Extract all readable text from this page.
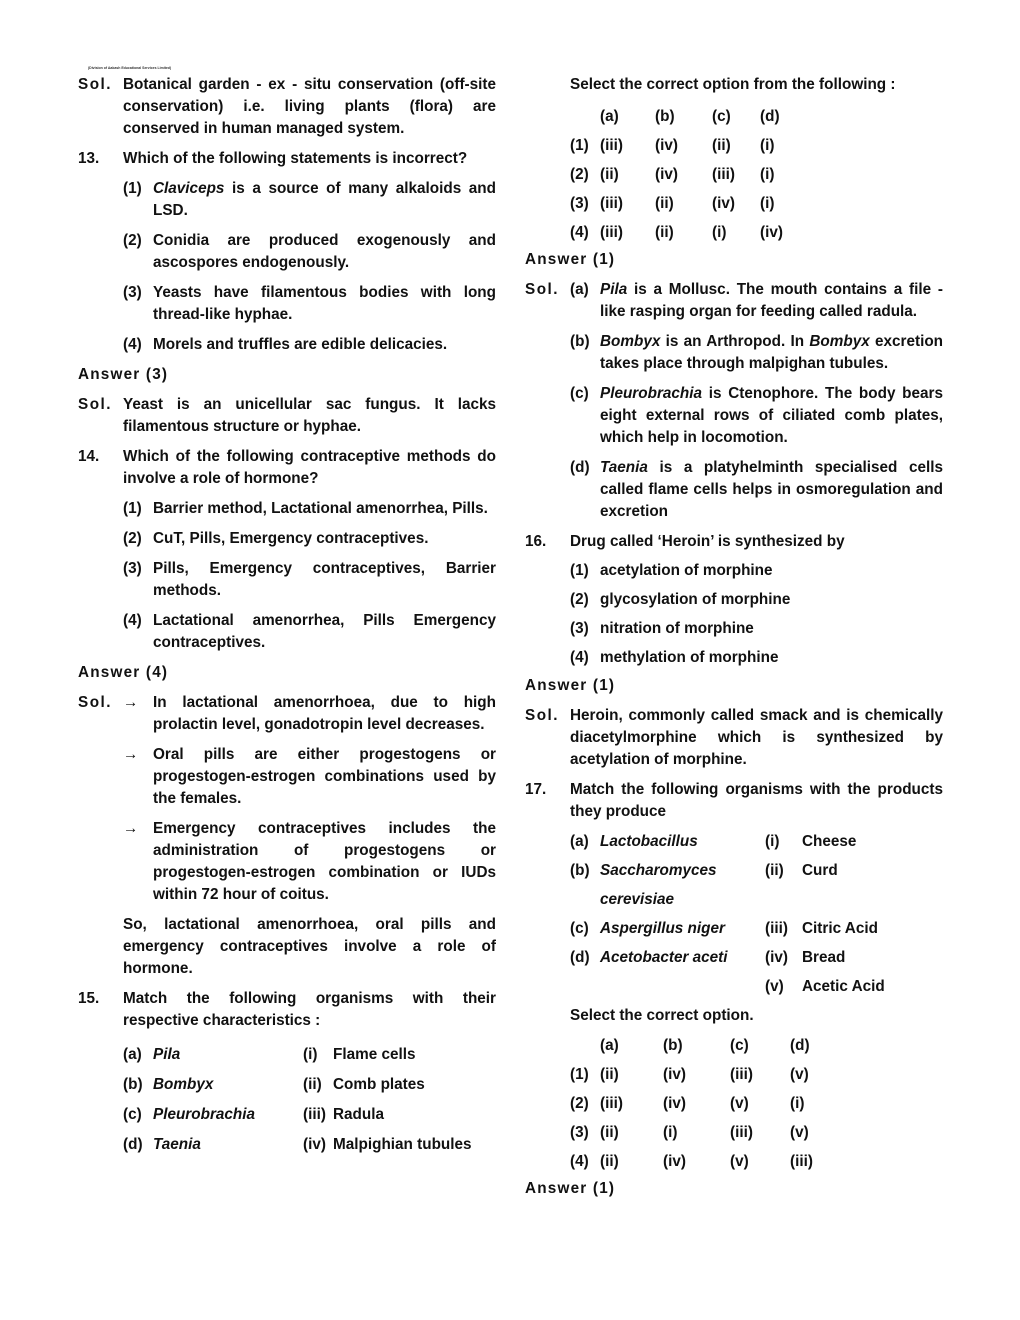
(Division of Aakash Educational Services Limited)
Sol. Botanical garden - ex - situ conservation (off-site conservation) i.e. living plants (flora) are conserved in human managed system.
13.	Which of the following statements is incorrect?
(1) Claviceps is a source of many alkaloids and LSD.
(2) Conidia are produced exogenously and ascospores endogenously.
(3) Yeasts have filamentous bodies with long thread-like hyphae.
(4) Morels and truffles are edible delicacies.
Answer (3)
Sol. Yeast is an unicellular sac fungus. It lacks filamentous structure or hyphae.
14.	Which of the following contraceptive methods do involve a role of hormone?
(1) Barrier method, Lactational amenorrhea, Pills.
(2) CuT, Pills, Emergency contraceptives.
(3) Pills, Emergency contraceptives, Barrier methods.
(4) Lactational amenorrhea, Pills Emergency contraceptives.
Answer (4)
Sol. → In lactational amenorrhoea, due to high prolactin level, gonadotropin level decreases.
→ Oral pills are either progestogens or progestogen-estrogen combinations used by the females.
→ Emergency contraceptives includes the administration of progestogens or progestogen-estrogen combination or IUDs within 72 hour of coitus.
So, lactational amenorrhoea, oral pills and emergency contraceptives involve a role of hormone.
15.	Match the following organisms with their respective characteristics :
(a) Pila	(i)	Flame cells
(b) Bombyx	(ii) Comb plates
(c) Pleurobrachia	(iii) Radula
(d) Taenia	(iv) Malpighian tubules
Select the correct option from the following :
(a)	(b)	(c)	(d)
(1) (iii)	(iv)	(ii)	(i)
(2) (ii)	(iv)	(iii)	(i)
(3) (iii)	(ii)	(iv)	(i)
(4) (iii)	(ii)	(i)	(iv)
Answer (1)
Sol. (a) Pila is a Mollusc. The mouth contains a file - like rasping organ for feeding called radula.
(b) Bombyx is an Arthropod. In Bombyx excretion takes place through malpighan tubules.
(c) Pleurobrachia is Ctenophore. The body bears eight external rows of ciliated comb plates, which help in locomotion.
(d) Taenia is a platyhelminth specialised cells called flame cells helps in osmoregulation and excretion
16.	Drug called ‘Heroin’ is synthesized by
(1) acetylation of morphine
(2) glycosylation of morphine
(3) nitration of morphine
(4) methylation of morphine
Answer (1)
Sol. Heroin, commonly called smack and is chemically diacetylmorphine which is synthesized by acetylation of morphine.
17.	Match the following organisms with the products they produce
(a) Lactobacillus	(i)	Cheese
(b) Saccharomyces	(ii)	Curd
cerevisiae
(c) Aspergillus niger	(iii) Citric Acid
(d) Acetobacter aceti	(iv) Bread
(v)	Acetic Acid
Select the correct option.
(a)	(b)	(c)	(d)
(1) (ii)	(iv)	(iii)	(v)
(2) (iii)	(iv)	(v)	(i)
(3) (ii)	(i)	(iii)	(v)
(4) (ii)	(iv)	(v)	(iii)
Answer (1)
